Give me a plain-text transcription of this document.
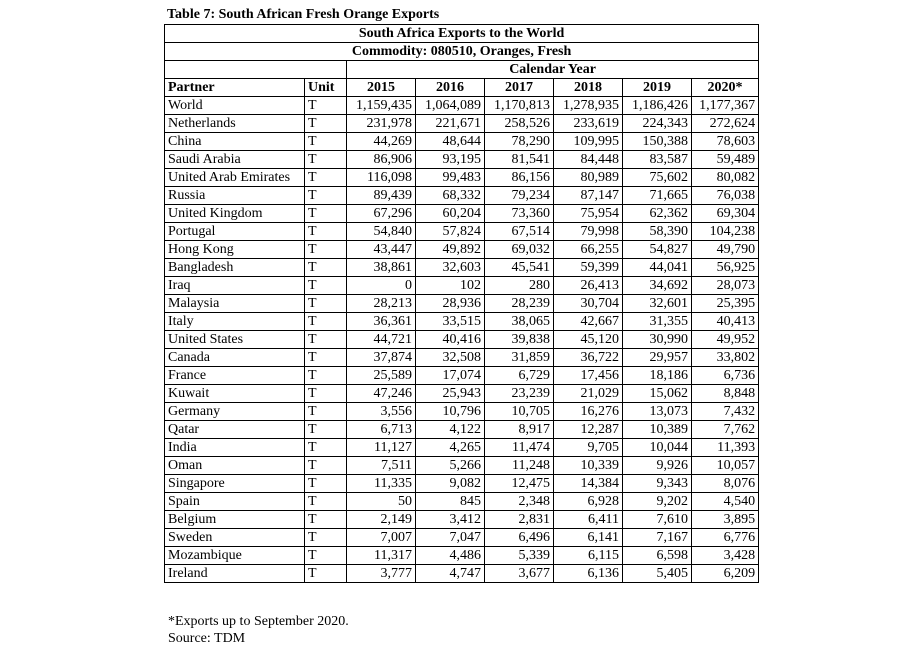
Table 7: South African Fresh Orange Exports
South Africa Exports to the World							
Commodity: 080510, Oranges, Fresh							
		Calendar Year					
Partner	Unit	2015	2016	2017	2018	2019	2020*
World	T	1,159,435	1,064,089	1,170,813	1,278,935	1,186,426	1,177,367
Netherlands	T	231,978	221,671	258,526	233,619	224,343	272,624
China	T	44,269	48,644	78,290	109,995	150,388	78,603
Saudi Arabia	T	86,906	93,195	81,541	84,448	83,587	59,489
United Arab Emirates	T	116,098	99,483	86,156	80,989	75,602	80,082
Russia	T	89,439	68,332	79,234	87,147	71,665	76,038
United Kingdom	T	67,296	60,204	73,360	75,954	62,362	69,304
Portugal	T	54,840	57,824	67,514	79,998	58,390	104,238
Hong Kong	T	43,447	49,892	69,032	66,255	54,827	49,790
Bangladesh	T	38,861	32,603	45,541	59,399	44,041	56,925
Iraq	T	0	102	280	26,413	34,692	28,073
Malaysia	T	28,213	28,936	28,239	30,704	32,601	25,395
Italy	T	36,361	33,515	38,065	42,667	31,355	40,413
United States	T	44,721	40,416	39,838	45,120	30,990	49,952
Canada	T	37,874	32,508	31,859	36,722	29,957	33,802
France	T	25,589	17,074	6,729	17,456	18,186	6,736
Kuwait	T	47,246	25,943	23,239	21,029	15,062	8,848
Germany	T	3,556	10,796	10,705	16,276	13,073	7,432
Qatar	T	6,713	4,122	8,917	12,287	10,389	7,762
India	T	11,127	4,265	11,474	9,705	10,044	11,393
Oman	T	7,511	5,266	11,248	10,339	9,926	10,057
Singapore	T	11,335	9,082	12,475	14,384	9,343	8,076
Spain	T	50	845	2,348	6,928	9,202	4,540
Belgium	T	2,149	3,412	2,831	6,411	7,610	3,895
Sweden	T	7,007	7,047	6,496	6,141	7,167	6,776
Mozambique	T	11,317	4,486	5,339	6,115	6,598	3,428
Ireland	T	3,777	4,747	3,677	6,136	5,405	6,209
*Exports up to September 2020.
Source: TDM
